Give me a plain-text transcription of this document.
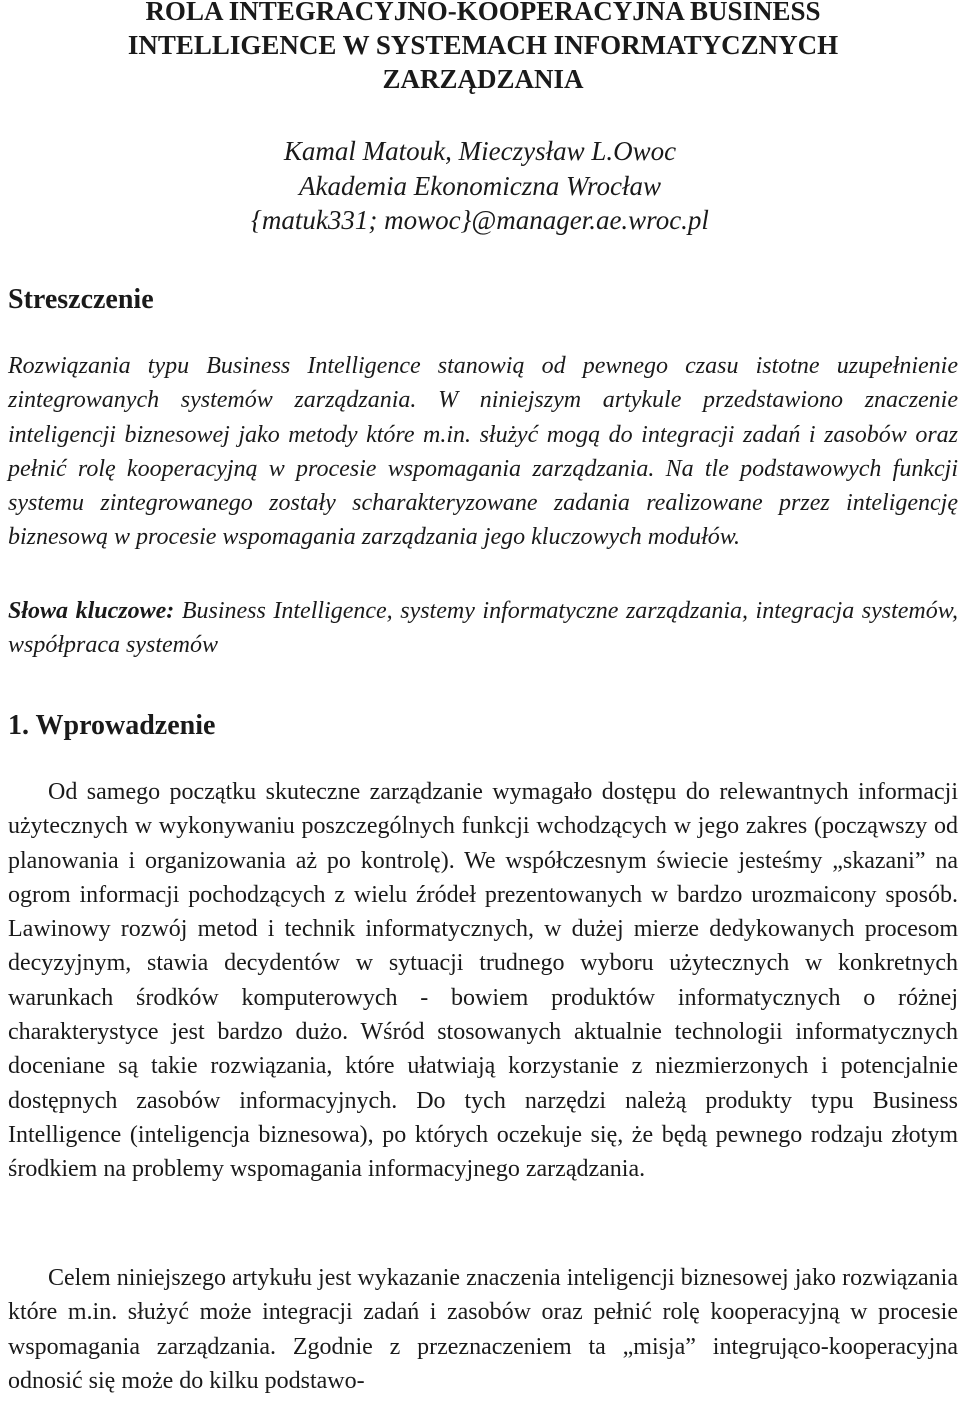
ROLA INTEGRACYJNO-KOOPERACYJNA BUSINESS
INTELLIGENCE W SYSTEMACH INFORMATYCZNYCH
ZARZĄDZANIA
Kamal Matouk, Mieczysław L.Owoc
Akademia Ekonomiczna Wrocław
{matuk331; mowoc}@manager.ae.wroc.pl
Streszczenie

Rozwiązania typu Business Intelligence stanowią od pewnego czasu istotne uzupełnienie zintegrowanych systemów zarządzania. W niniejszym artykule przedstawiono znaczenie inteligencji biznesowej jako metody które m.in. służyć mogą do integracji zadań i zasobów oraz pełnić rolę kooperacyjną w procesie wspomagania zarządzania. Na tle podstawowych funkcji systemu zintegrowanego zostały scharakteryzowane zadania realizowane przez inteligencję biznesową w procesie wspomagania zarządzania jego kluczowych modułów.

Słowa kluczowe: Business Intelligence, systemy informatyczne zarządzania, integracja systemów, współpraca systemów

1. Wprowadzenie

Od samego początku skuteczne zarządzanie wymagało dostępu do relewantnych informacji użytecznych w wykonywaniu poszczególnych funkcji wchodzących w jego zakres (począwszy od planowania i organizowania aż po kontrolę). We współczesnym świecie jesteśmy „skazani” na ogrom informacji pochodzących z wielu źródeł prezentowanych w bardzo urozmaicony sposób. Lawinowy rozwój metod i technik informatycznych, w dużej mierze dedykowanych procesom decyzyjnym, stawia decydentów w sytuacji trudnego wyboru użytecznych w konkretnych warunkach środków komputerowych - bowiem produktów informatycznych o różnej charakterystyce jest bardzo dużo. Wśród stosowanych aktualnie technologii informatycznych doceniane są takie rozwiązania, które ułatwiają korzystanie z niezmierzonych i potencjalnie dostępnych zasobów informacyjnych. Do tych narzędzi należą produkty typu Business Intelligence (inteligencja biznesowa), po których oczekuje się, że będą pewnego rodzaju złotym środkiem na problemy wspomagania informacyjnego zarządzania.

Celem niniejszego artykułu jest wykazanie znaczenia inteligencji biznesowej jako rozwiązania które m.in. służyć może integracji zadań i zasobów oraz pełnić rolę kooperacyjną w procesie wspomagania zarządzania. Zgodnie z przeznaczeniem ta „misja” integrująco-kooperacyjna odnosić się może do kilku podstawo-
